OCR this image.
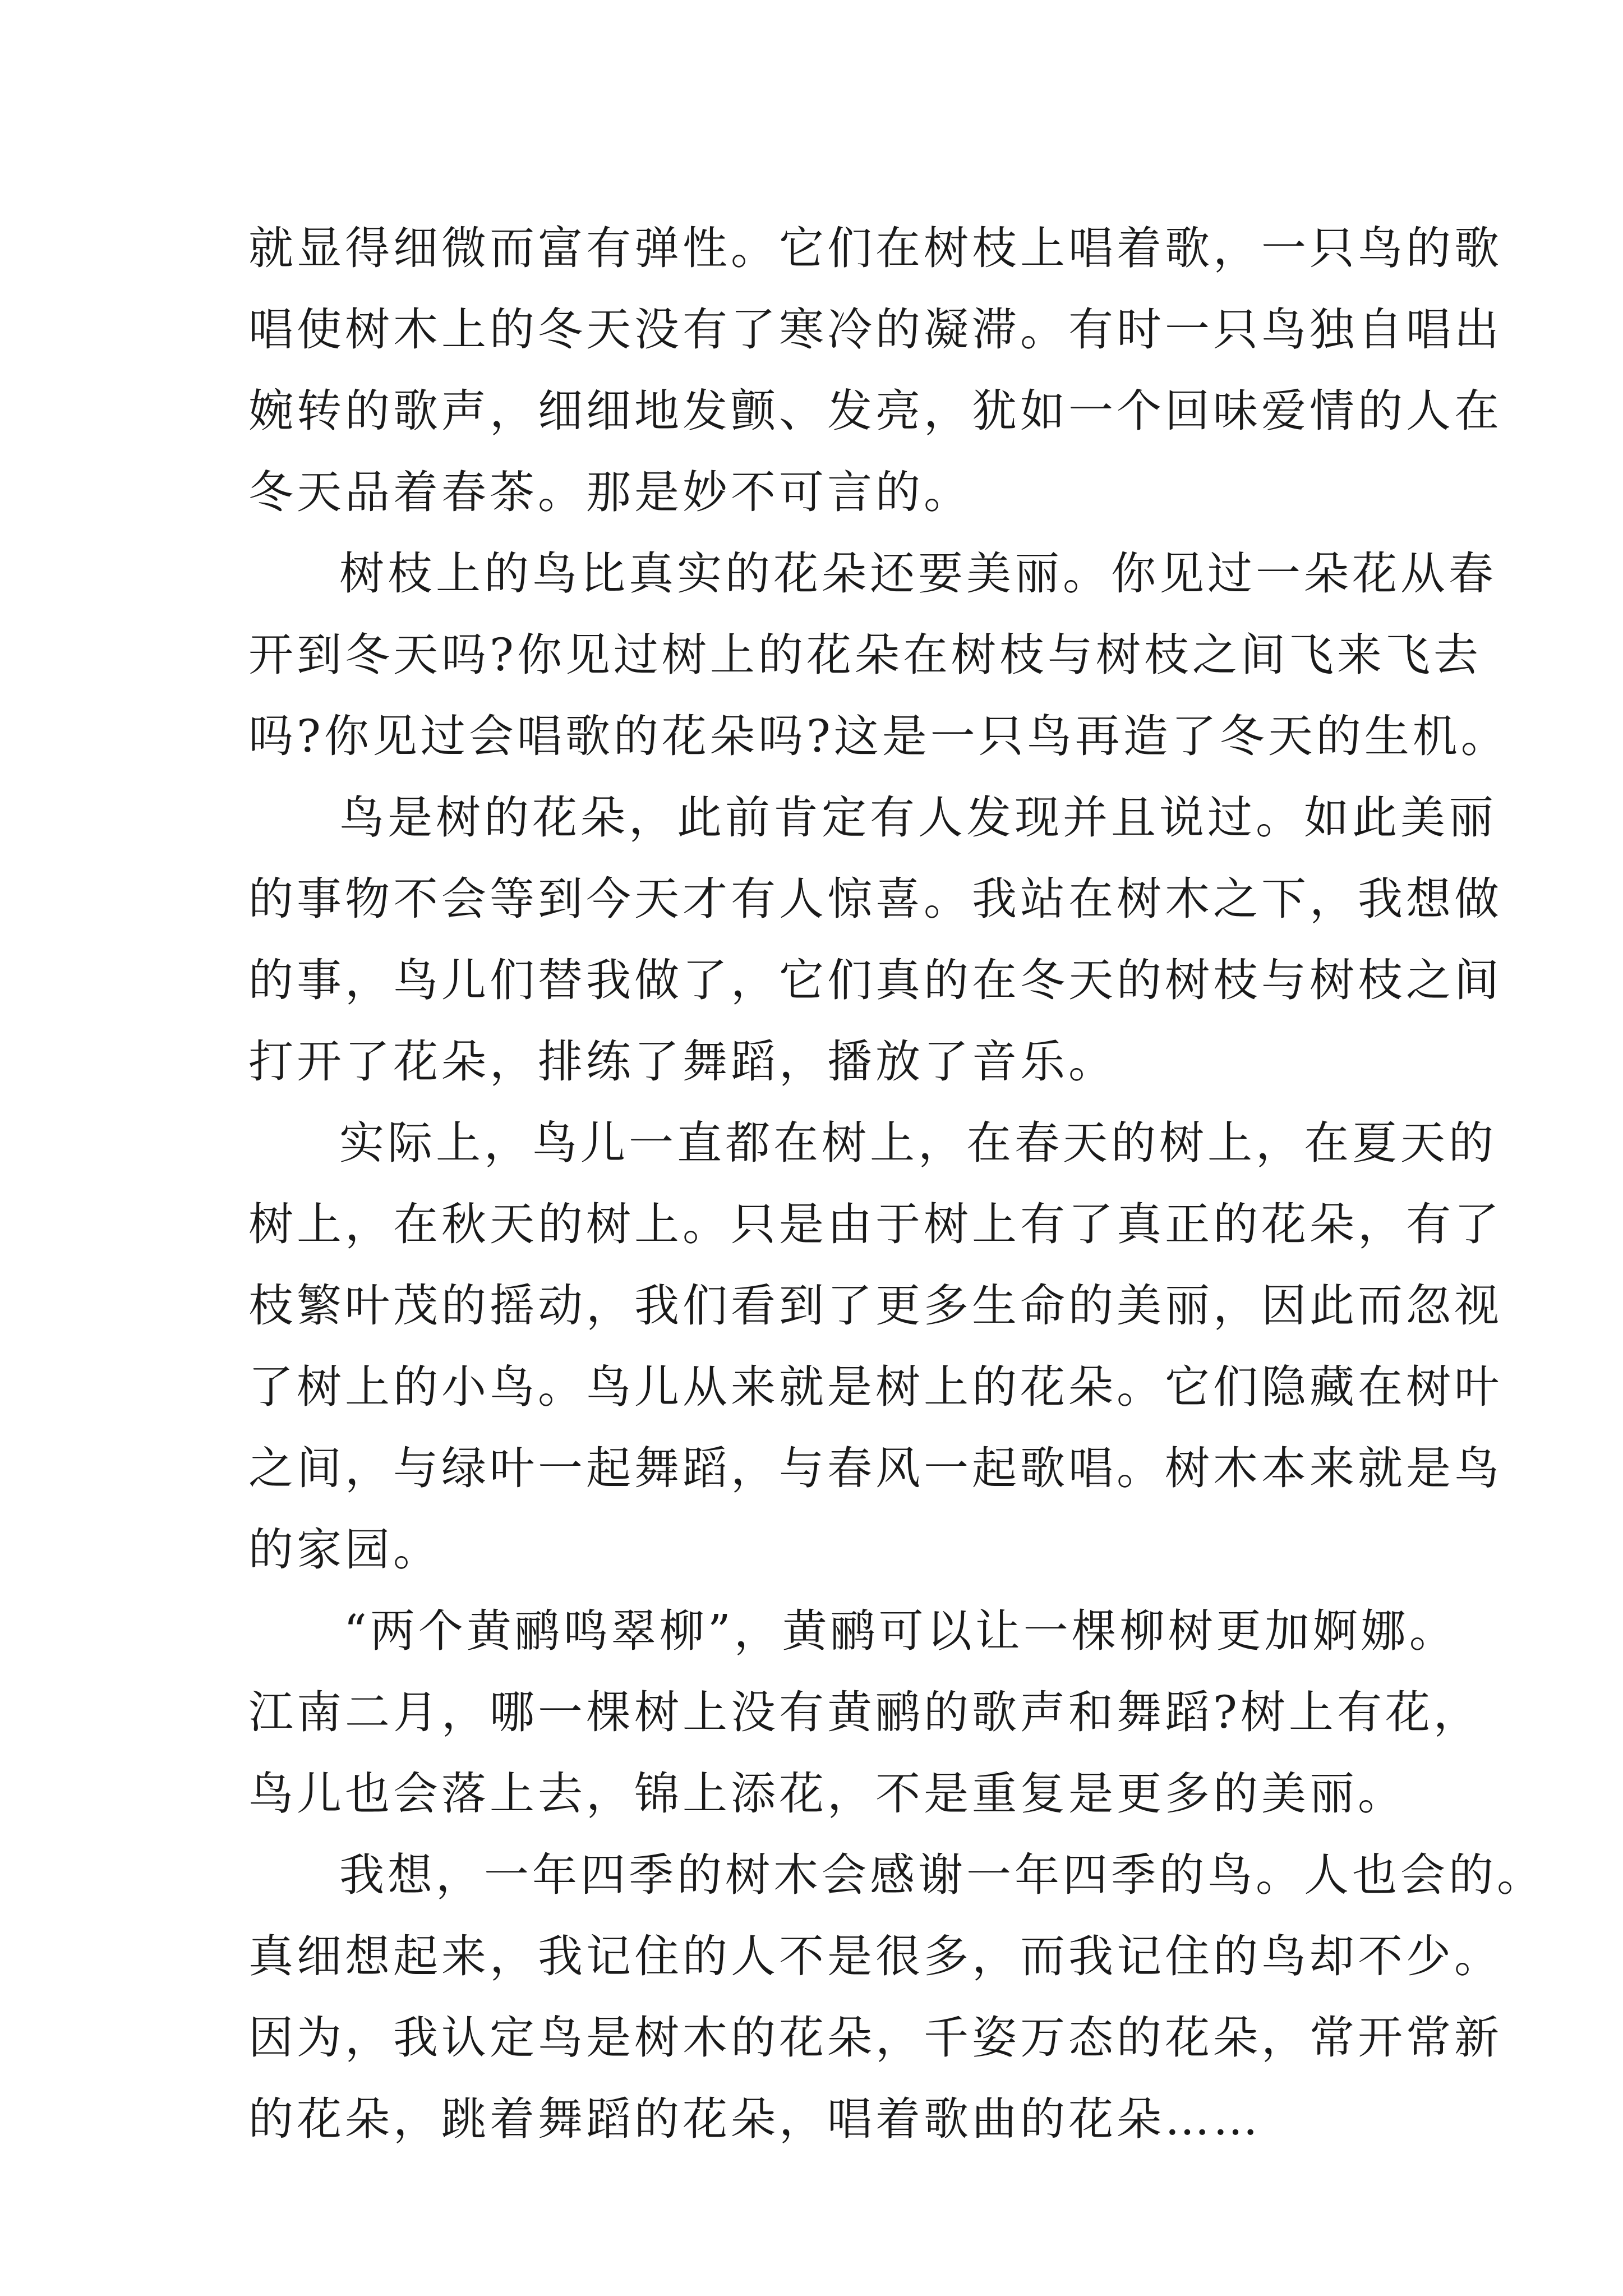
就显得细微而富有弹性。它们在树枝上唱着歌，一只鸟的歌
唱使树木上的冬天没有了寒冷的凝滞。有时一只鸟独自唱出
婉转的歌声，细细地发颤、发亮，犹如一个回味爱情的人在
冬天品着春茶。那是妙不可言的。
树枝上的鸟比真实的花朵还要美丽。你见过一朵花从春
开到冬天吗?你见过树上的花朵在树枝与树枝之间飞来飞去
吗?你见过会唱歌的花朵吗?这是一只鸟再造了冬天的生机。
鸟是树的花朵，此前肯定有人发现并且说过。如此美丽
的事物不会等到今天才有人惊喜。我站在树木之下，我想做
的事，鸟儿们替我做了，它们真的在冬天的树枝与树枝之间
打开了花朵，排练了舞蹈，播放了音乐。
实际上，鸟儿一直都在树上，在春天的树上，在夏天的
树上，在秋天的树上。只是由于树上有了真正的花朵，有了
枝繁叶茂的摇动，我们看到了更多生命的美丽，因此而忽视
了树上的小鸟。鸟儿从来就是树上的花朵。它们隐藏在树叶
之间，与绿叶一起舞蹈，与春风一起歌唱。树木本来就是鸟
的家园。
“两个黄鹂鸣翠柳”，黄鹂可以让一棵柳树更加婀娜。
江南二月，哪一棵树上没有黄鹂的歌声和舞蹈?树上有花，
鸟儿也会落上去，锦上添花，不是重复是更多的美丽。
我想，一年四季的树木会感谢一年四季的鸟。人也会的。
真细想起来，我记住的人不是很多，而我记住的鸟却不少。
因为，我认定鸟是树木的花朵，千姿万态的花朵，常开常新
的花朵，跳着舞蹈的花朵，唱着歌曲的花朵……
